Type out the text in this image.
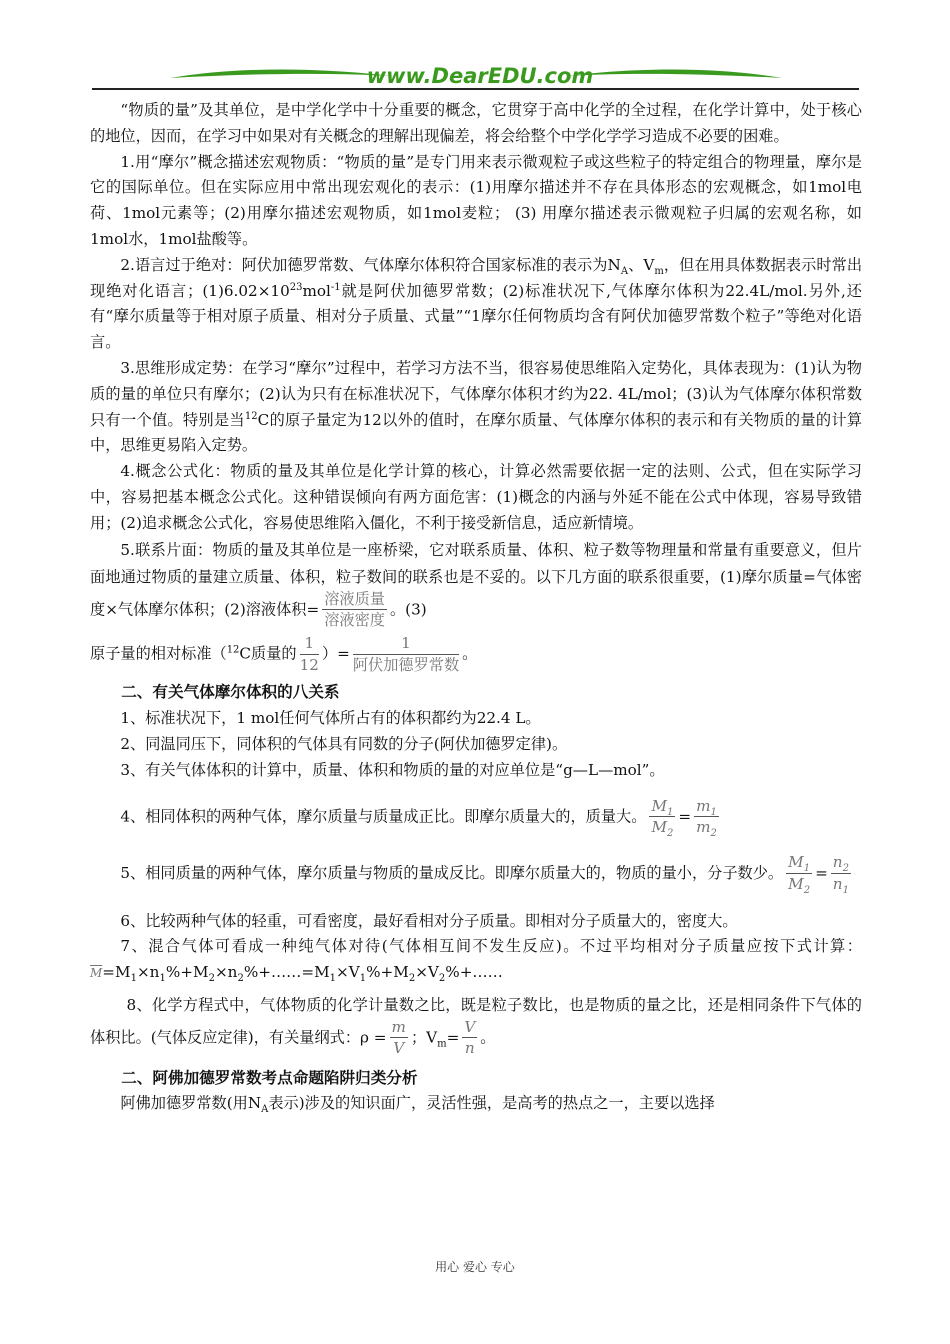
www.DearEDU.com

“物质的量”及其单位，是中学化学中十分重要的概念，它贯穿于高中化学的全过程，在化学计算中，处于核心的地位，因而，在学习中如果对有关概念的理解出现偏差，将会给整个中学化学学习造成不必要的困难。

1.用“摩尔”概念描述宏观物质：“物质的量”是专门用来表示微观粒子或这些粒子的特定组合的物理量，摩尔是它的国际单位。但在实际应用中常出现宏观化的表示：(1)用摩尔描述并不存在具体形态的宏观概念，如1mol电荷、1mol元素等；(2)用摩尔描述宏观物质，如1mol麦粒； (3) 用摩尔描述表示微观粒子归属的宏观名称，如1mol水，1mol盐酸等。

2.语言过于绝对：阿伏加德罗常数、气体摩尔体积符合国家标准的表示为$N_A$、$V_m$，但在用具体数据表示时常出现绝对化语言；$(1)6.02\times 10^{23}mol^{-1}$就是阿伏加德罗常数；(2)标准状况下,气体摩尔体积为22.4L/mol.另外,还有“摩尔质量等于相对原子质量、相对分子质量、式量”“1摩尔任何物质均含有阿伏加德罗常数个粒子”等绝对化语言。

3.思维形成定势：在学习“摩尔”过程中，若学习方法不当，很容易使思维陷入定势化，具体表现为：(1)认为物质的量的单位只有摩尔；(2)认为只有在标准状况下，气体摩尔体积才约为22. 4L/mol；(3)认为气体摩尔体积常数只有一个值。特别是当$^{12}$C的原子量定为12以外的值时，在摩尔质量、气体摩尔体积的表示和有关物质的量的计算中，思维更易陷入定势。

4.概念公式化：物质的量及其单位是化学计算的核心，计算必然需要依据一定的法则、公式，但在实际学习中，容易把基本概念公式化。这种错误倾向有两方面危害：(1)概念的内涵与外延不能在公式中体现，容易导致错用；(2)追求概念公式化，容易使思维陷入僵化，不利于接受新信息，适应新情境。

5.联系片面：物质的量及其单位是一座桥梁，它对联系质量、体积、粒子数等物理量和常量有重要意义，但片面地通过物质的量建立质量、体积，粒子数间的联系也是不妥的。以下几方面的联系很重要，(1)摩尔质量=气体密度×气体摩尔体积；(2)溶液体积= $\frac{\text{溶液质量}}{\text{溶液密度}}$ 。(3)

原子量的相对标准（$^{12}$C质量的 $\frac{1}{12}$ ）= $\frac{1}{\text{阿伏加德罗常数}}$ 。

二、有关气体摩尔体积的八关系

1、标准状况下，1 mol任何气体所占有的体积都约为22.4 L。

2、同温同压下，同体积的气体具有同数的分子(阿伏加德罗定律)。

3、有关气体体积的计算中，质量、体积和物质的量的对应单位是“g—L—mol”。

4、相同体积的两种气体，摩尔质量与质量成正比。即摩尔质量大的，质量大。 $\frac{M_1}{M_2} = \frac{m_1}{m_2}$

5、相同质量的两种气体，摩尔质量与物质的量成反比。即摩尔质量大的，物质的量小，分子数少。 $\frac{M_1}{M_2} = \frac{n_2}{n_1}$

6、比较两种气体的轻重，可看密度，最好看相对分子质量。即相对分子质量大的，密度大。

7、混合气体可看成一种纯气体对待(气体相互间不发生反应)。不过平均相对分子质量应按下式计算：$\overline{M}=M_1\times n_1\%+M_2\times n_2\%+\dots\dots=M_1\times V_1\%+M_2\times V_2\%+\dots\dots$

8、化学方程式中，气体物质的化学计量数之比，既是粒子数比，也是物质的量之比，还是相同条件下气体的体积比。(气体反应定律)，有关量纲式：$\rho = \frac{m}{V}$ ；$V_m= \frac{V}{n}$ 。

二、阿佛加德罗常数考点命题陷阱归类分析

阿佛加德罗常数(用$N_A$表示)涉及的知识面广，灵活性强，是高考的热点之一，主要以选择

用心 爱心 专心
